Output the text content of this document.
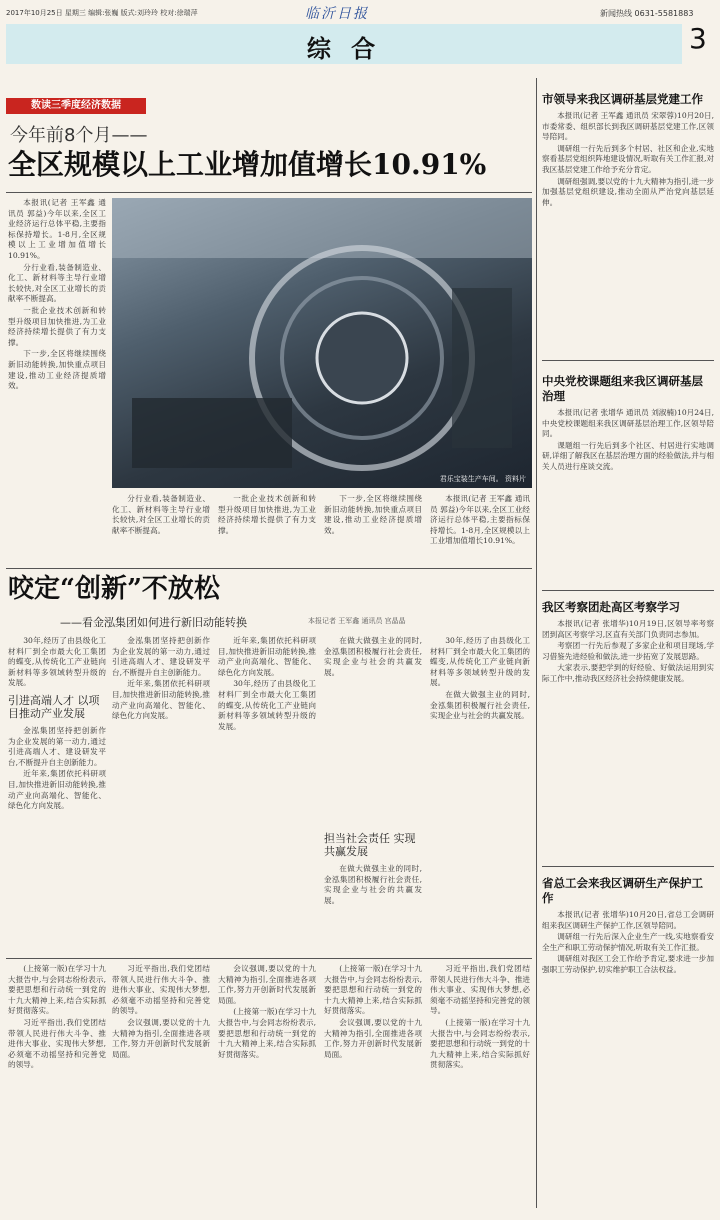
2017年10月25日 星期三 编辑:张巍 版式:刘玲玲 校对:徐瑞萍	临沂日报	新闻热线 0631-5581883
综 合	3
数读三季度经济数据
今年前8个月——
全区规模以上工业增加值增长10.91%

本报讯(记者 王军鑫 通讯员 郭益)今年以来,全区工业经济运行总体平稳,主要指标保持增长。1-8月,全区规模以上工业增加值增长10.91%。

分行业看,装备制造业、化工、新材料等主导行业增长较快,对全区工业增长的贡献率不断提高。

一批企业技术创新和转型升级项目加快推进,为工业经济持续增长提供了有力支撑。

下一步,全区将继续围绕新旧动能转换,加快重点项目建设,推动工业经济提质增效。

君乐宝装生产车间。 资料片

分行业看,装备制造业、化工、新材料等主导行业增长较快,对全区工业增长的贡献率不断提高。

一批企业技术创新和转型升级项目加快推进,为工业经济持续增长提供了有力支撑。

下一步,全区将继续围绕新旧动能转换,加快重点项目建设,推动工业经济提质增效。

本报讯(记者 王军鑫 通讯员 郭益)今年以来,全区工业经济运行总体平稳,主要指标保持增长。1-8月,全区规模以上工业增加值增长10.91%。

咬定“创新”不放松
——看金泓集团如何进行新旧动能转换	本报记者 王军鑫 通讯员 宫晶晶

30年,经历了由县级化工材料厂到全市最大化工集团的蝶变,从传统化工产业链向新材料等多领域转型升级的发展。

引进高端人才 以项目推动产业发展

金泓集团坚持把创新作为企业发展的第一动力,通过引进高端人才、建设研发平台,不断提升自主创新能力。

近年来,集团依托科研项目,加快推进新旧动能转换,推动产业向高端化、智能化、绿色化方向发展。

金泓集团坚持把创新作为企业发展的第一动力,通过引进高端人才、建设研发平台,不断提升自主创新能力。

近年来,集团依托科研项目,加快推进新旧动能转换,推动产业向高端化、智能化、绿色化方向发展。

近年来,集团依托科研项目,加快推进新旧动能转换,推动产业向高端化、智能化、绿色化方向发展。

30年,经历了由县级化工材料厂到全市最大化工集团的蝶变,从传统化工产业链向新材料等多领域转型升级的发展。

在做大做强主业的同时,金泓集团积极履行社会责任,实现企业与社会的共赢发展。

担当社会责任 实现共赢发展

在做大做强主业的同时,金泓集团积极履行社会责任,实现企业与社会的共赢发展。

30年,经历了由县级化工材料厂到全市最大化工集团的蝶变,从传统化工产业链向新材料等多领域转型升级的发展。

在做大做强主业的同时,金泓集团积极履行社会责任,实现企业与社会的共赢发展。

(上接第一版)在学习十九大报告中,与会同志纷纷表示,要把思想和行动统一到党的十九大精神上来,结合实际抓好贯彻落实。

习近平指出,我们党团结带领人民进行伟大斗争、推进伟大事业、实现伟大梦想,必须毫不动摇坚持和完善党的领导。

习近平指出,我们党团结带领人民进行伟大斗争、推进伟大事业、实现伟大梦想,必须毫不动摇坚持和完善党的领导。

会议强调,要以党的十九大精神为指引,全面推进各项工作,努力开创新时代发展新局面。

会议强调,要以党的十九大精神为指引,全面推进各项工作,努力开创新时代发展新局面。

(上接第一版)在学习十九大报告中,与会同志纷纷表示,要把思想和行动统一到党的十九大精神上来,结合实际抓好贯彻落实。

(上接第一版)在学习十九大报告中,与会同志纷纷表示,要把思想和行动统一到党的十九大精神上来,结合实际抓好贯彻落实。

会议强调,要以党的十九大精神为指引,全面推进各项工作,努力开创新时代发展新局面。

习近平指出,我们党团结带领人民进行伟大斗争、推进伟大事业、实现伟大梦想,必须毫不动摇坚持和完善党的领导。

(上接第一版)在学习十九大报告中,与会同志纷纷表示,要把思想和行动统一到党的十九大精神上来,结合实际抓好贯彻落实。

市领导来我区调研基层党建工作

本报讯(记者 王军鑫 通讯员 宋翠蓉)10月20日,市委常委、组织部长到我区调研基层党建工作,区领导陪同。

调研组一行先后到多个村居、社区和企业,实地察看基层党组织阵地建设情况,听取有关工作汇报,对我区基层党建工作给予充分肯定。

调研组强调,要以党的十九大精神为指引,进一步加强基层党组织建设,推动全面从严治党向基层延伸。

中央党校课题组来我区调研基层治理

本报讯(记者 张增华 通讯员 刘淑楠)10月24日,中央党校课题组来我区调研基层治理工作,区领导陪同。

课题组一行先后到多个社区、村居进行实地调研,详细了解我区在基层治理方面的经验做法,并与相关人员进行座谈交流。

我区考察团赴高区考察学习

本报讯(记者 张增华)10月19日,区领导率考察团到高区考察学习,区直有关部门负责同志参加。

考察团一行先后参观了多家企业和项目现场,学习借鉴先进经验和做法,进一步拓宽了发展思路。

大家表示,要把学到的好经验、好做法运用到实际工作中,推动我区经济社会持续健康发展。

省总工会来我区调研生产保护工作

本报讯(记者 张增华)10月20日,省总工会调研组来我区调研生产保护工作,区领导陪同。

调研组一行先后深入企业生产一线,实地察看安全生产和职工劳动保护情况,听取有关工作汇报。

调研组对我区工会工作给予肯定,要求进一步加强职工劳动保护,切实维护职工合法权益。
